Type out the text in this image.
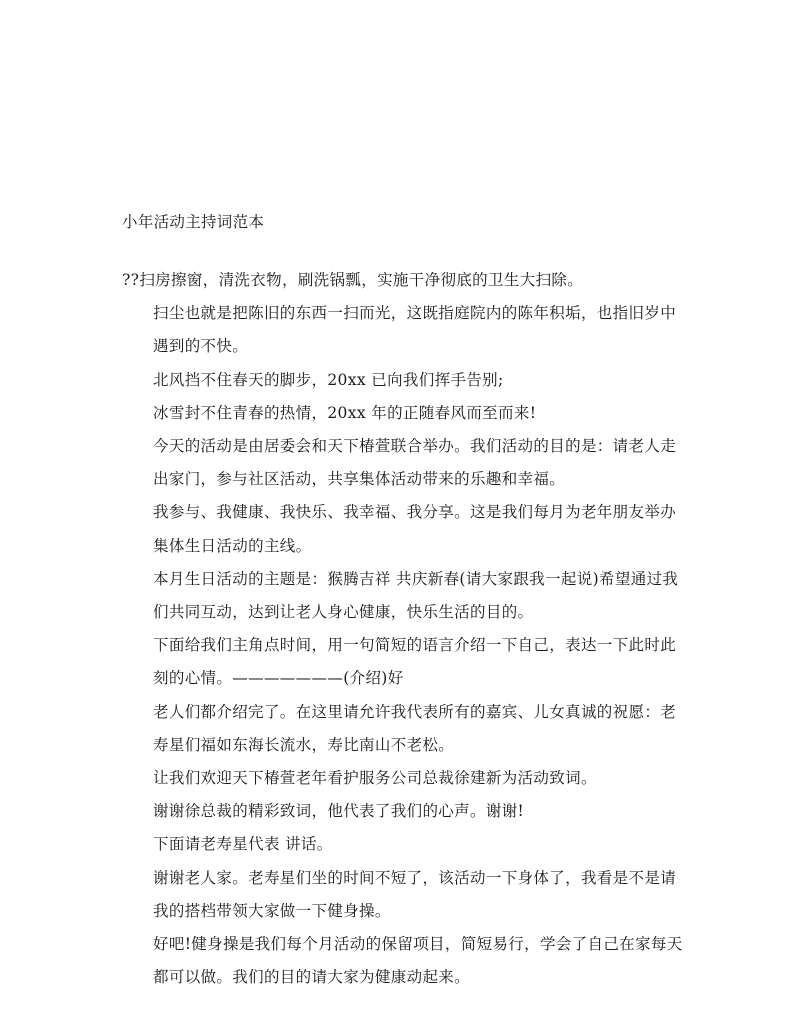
小年活动主持词范本

??扫房擦窗，清洗衣物，刷洗锅瓢，实施干净彻底的卫生大扫除。

扫尘也就是把陈旧的东西一扫而光，这既指庭院内的陈年积垢，也指旧岁中
遇到的不快。

北风挡不住春天的脚步，20xx 已向我们挥手告别;

冰雪封不住青春的热情，20xx 年的正随春风而至而来!

今天的活动是由居委会和天下椿萱联合举办。我们活动的目的是：请老人走
出家门，参与社区活动，共享集体活动带来的乐趣和幸福。

我参与、我健康、我快乐、我幸福、我分享。这是我们每月为老年朋友举办
集体生日活动的主线。

本月生日活动的主题是：猴腾吉祥 共庆新春(请大家跟我一起说)希望通过我
们共同互动，达到让老人身心健康，快乐生活的目的。

下面给我们主角点时间，用一句简短的语言介绍一下自己，表达一下此时此
刻的心情。———————(介绍)好

老人们都介绍完了。在这里请允许我代表所有的嘉宾、儿女真诚的祝愿：老
寿星们福如东海长流水，寿比南山不老松。

让我们欢迎天下椿萱老年看护服务公司总裁徐建新为活动致词。

谢谢徐总裁的精彩致词，他代表了我们的心声。谢谢!

下面请老寿星代表 讲话。

谢谢老人家。老寿星们坐的时间不短了，该活动一下身体了，我看是不是请
我的搭档带领大家做一下健身操。

好吧!健身操是我们每个月活动的保留项目，简短易行，学会了自己在家每天
都可以做。我们的目的请大家为健康动起来。
